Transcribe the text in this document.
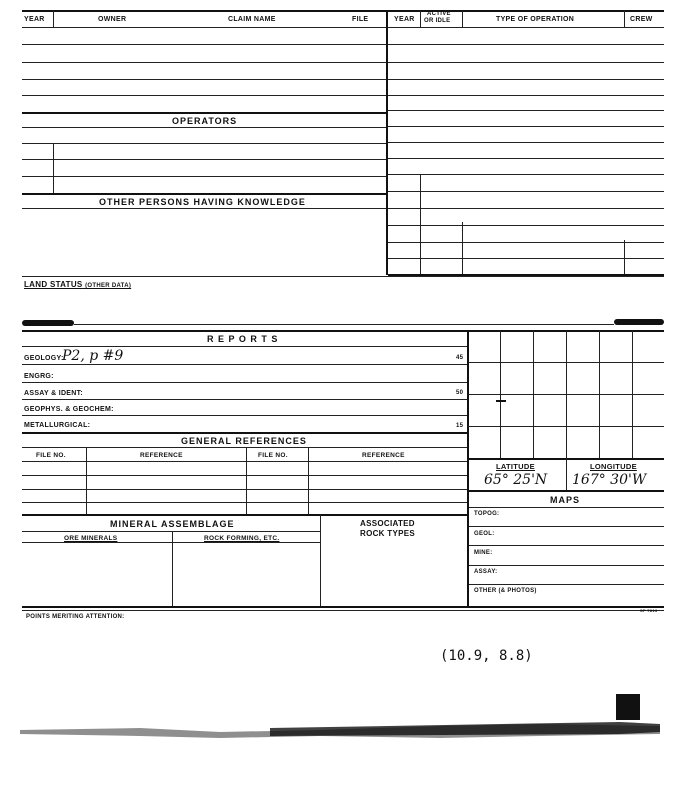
YEAR	OWNER	CLAIM NAME	FILE	YEAR
ACTIVE
OR IDLE	TYPE OF OPERATION	CREW
OPERATORS
OTHER PERSONS HAVING KNOWLEDGE
LAND STATUS (OTHER DATA)
R E P O R T S
GEOLOGY:
P2, p #9	45
ENGRG:
ASSAY & IDENT:	50
GEOPHYS. & GEOCHEM:
METALLURGICAL:	15
GENERAL REFERENCES
FILE NO.	REFERENCE	FILE NO.	REFERENCE
LATITUDE	LONGITUDE
65° 25'N 167° 30'W
MAPS
TOPOG:
GEOL:
MINE:
ASSAY:
OTHER (& PHOTOS)
MINERAL ASSEMBLAGE
ORE MINERALS	ROCK FORMING, ETC.
ASSOCIATED
ROCK TYPES
POINTS MERITING ATTENTION:
SP 7813
(10.9, 8.8)
